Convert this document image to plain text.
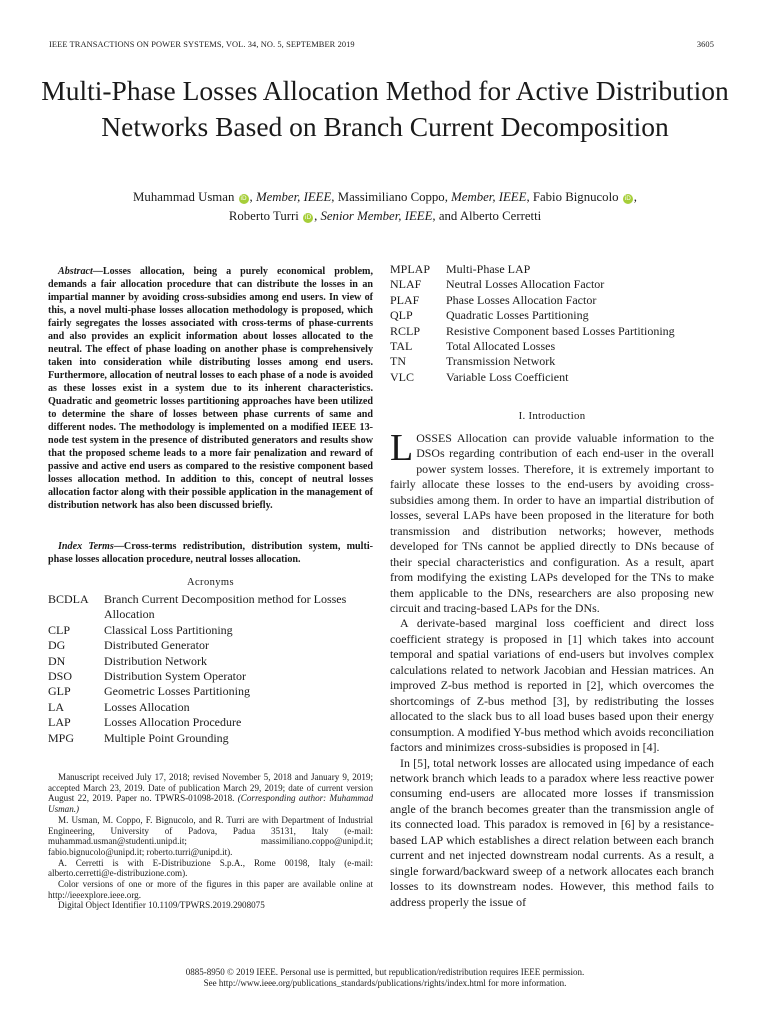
IEEE TRANSACTIONS ON POWER SYSTEMS, VOL. 34, NO. 5, SEPTEMBER 2019	3605
Multi-Phase Losses Allocation Method for Active Distribution Networks Based on Branch Current Decomposition
Muhammad Usman iD , Member, IEEE, Massimiliano Coppo, Member, IEEE, Fabio Bignucolo iD ,
Roberto Turri iD , Senior Member, IEEE, and Alberto Cerretti
Abstract—Losses allocation, being a purely economical problem, demands a fair allocation procedure that can distribute the losses in an impartial manner by avoiding cross-subsidies among end users. In view of this, a novel multi-phase losses allocation methodology is proposed, which fairly segregates the losses associated with cross-terms of phase-currents and also provides an explicit information about losses allocated to the neutral. The effect of phase loading on another phase is comprehensively taken into consideration while distributing losses among end users. Furthermore, allocation of neutral losses to each phase of a node is avoided as these losses exist in a system due to its inherent characteristics. Quadratic and geometric losses partitioning approaches have been utilized to determine the share of losses between phase currents of same and different nodes. The methodology is implemented on a modified IEEE 13-node test system in the presence of distributed generators and results show that the proposed scheme leads to a more fair penalization and reward of passive and active end users as compared to the resistive component based losses allocation method. In addition to this, concept of neutral losses allocation factor along with their possible application in the management of distribution network has also been discussed briefly.
Index Terms—Cross-terms redistribution, distribution system, multi-phase losses allocation procedure, neutral losses allocation.
Acronyms
BCDLA	Branch Current Decomposition method for Losses Allocation
CLP	Classical Loss Partitioning
DG	Distributed Generator
DN	Distribution Network
DSO	Distribution System Operator
GLP	Geometric Losses Partitioning
LA	Losses Allocation
LAP	Losses Allocation Procedure
MPG	Multiple Point Grounding

Manuscript received July 17, 2018; revised November 5, 2018 and January 9, 2019; accepted March 23, 2019. Date of publication March 29, 2019; date of current version August 22, 2019. Paper no. TPWRS-01098-2018. (Corresponding author: Muhammad Usman.)

M. Usman, M. Coppo, F. Bignucolo, and R. Turri are with Department of Industrial Engineering, University of Padova, Padua 35131, Italy (e-mail: muhammad.usman@studenti.unipd.it; massimiliano.coppo@unipd.it; fabio.bignucolo@unipd.it; roberto.turri@unipd.it).

A. Cerretti is with E-Distribuzione S.p.A., Rome 00198, Italy (e-mail: alberto.cerretti@e-distribuzione.com).

Color versions of one or more of the figures in this paper are available online at http://ieeexplore.ieee.org.

Digital Object Identifier 10.1109/TPWRS.2019.2908075

MPLAP	Multi-Phase LAP
NLAF	Neutral Losses Allocation Factor
PLAF	Phase Losses Allocation Factor
QLP	Quadratic Losses Partitioning
RCLP	Resistive Component based Losses Partitioning
TAL	Total Allocated Losses
TN	Transmission Network
VLC	Variable Loss Coefficient
I. Introduction

LOSSES Allocation can provide valuable information to the DSOs regarding contribution of each end-user in the overall power system losses. Therefore, it is extremely important to fairly allocate these losses to the end-users by avoiding cross-subsidies among them. In order to have an impartial distribution of losses, several LAPs have been proposed in the literature for both transmission and distribution networks; however, methods developed for TNs cannot be applied directly to DNs because of their special characteristics and configuration. As a result, apart from modifying the existing LAPs developed for the TNs to make them applicable to the DNs, researchers are also proposing new circuit and tracing-based LAPs for the DNs.

A derivate-based marginal loss coefficient and direct loss coefficient strategy is proposed in [1] which takes into account temporal and spatial variations of end-users but involves complex calculations related to network Jacobian and Hessian matrices. An improved Z-bus method is reported in [2], which overcomes the shortcomings of Z-bus method [3], by redistributing the losses allocated to the slack bus to all load buses based upon their energy consumption. A modified Y-bus method which avoids reconciliation factors and minimizes cross-subsidies is proposed in [4].

In [5], total network losses are allocated using impedance of each network branch which leads to a paradox where less reactive power consuming end-users are allocated more losses if transmission angle of the branch becomes greater than the transmission angle of its connected load. This paradox is removed in [6] by a resistance-based LAP which establishes a direct relation between each branch current and net injected downstream nodal currents. As a result, a single forward/backward sweep of a network allocates each branch losses to its downstream nodes. However, this method fails to address properly the issue of

0885-8950 © 2019 IEEE. Personal use is permitted, but republication/redistribution requires IEEE permission.
See http://www.ieee.org/publications_standards/publications/rights/index.html for more information.
